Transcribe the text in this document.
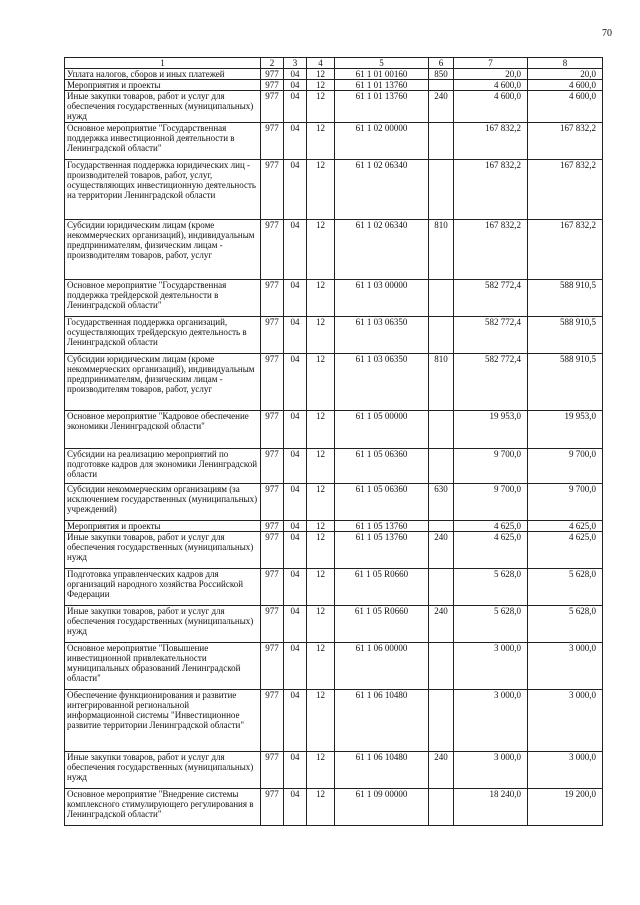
70
1	2	3	4	5	6	7	8
Уплата налогов, сборов и иных платежей	977	04	12	61 1 01 00160	850	20,0	20,0
Мероприятия и проекты	977	04	12	61 1 01 13760		4 600,0	4 600,0
Иные закупки товаров, работ и услуг для обеспечения государственных (муниципальных) нужд	977	04	12	61 1 01 13760	240	4 600,0	4 600,0
Основное мероприятие "Государственная поддержка инвестиционной деятельности в Ленинградской области"	977	04	12	61 1 02 00000		167 832,2	167 832,2
Государственная поддержка юридических лиц - производителей товаров, работ, услуг, осуществляющих инвестиционную деятельность на территории Ленинградской области	977	04	12	61 1 02 06340		167 832,2	167 832,2
Субсидии юридическим лицам (кроме некоммерческих организаций), индивидуальным предпринимателям, физическим лицам - производителям товаров, работ, услуг	977	04	12	61 1 02 06340	810	167 832,2	167 832,2
Основное мероприятие "Государственная поддержка трейдерской деятельности в Ленинградской области"	977	04	12	61 1 03 00000		582 772,4	588 910,5
Государственная поддержка организаций, осуществляющих трейдерскую деятельность в Ленинградской области	977	04	12	61 1 03 06350		582 772,4	588 910,5
Субсидии юридическим лицам (кроме некоммерческих организаций), индивидуальным предпринимателям, физическим лицам - производителям товаров, работ, услуг	977	04	12	61 1 03 06350	810	582 772,4	588 910,5
Основное мероприятие "Кадровое обеспечение экономики Ленинградской области"	977	04	12	61 1 05 00000		19 953,0	19 953,0
Субсидии на реализацию мероприятий по подготовке кадров для экономики Ленинградской области	977	04	12	61 1 05 06360		9 700,0	9 700,0
Субсидии некоммерческим организациям (за исключением государственных (муниципальных) учреждений)	977	04	12	61 1 05 06360	630	9 700,0	9 700,0
Мероприятия и проекты	977	04	12	61 1 05 13760		4 625,0	4 625,0
Иные закупки товаров, работ и услуг для обеспечения государственных (муниципальных) нужд	977	04	12	61 1 05 13760	240	4 625,0	4 625,0
Подготовка управленческих кадров для организаций народного хозяйства Российской Федерации	977	04	12	61 1 05 R0660		5 628,0	5 628,0
Иные закупки товаров, работ и услуг для обеспечения государственных (муниципальных) нужд	977	04	12	61 1 05 R0660	240	5 628,0	5 628,0
Основное мероприятие "Повышение инвестиционной привлекательности муниципальных образований Ленинградской области"	977	04	12	61 1 06 00000		3 000,0	3 000,0
Обеспечение функционирования и развитие интегрированной региональной информационной системы "Инвестиционное развитие территории Ленинградской области"	977	04	12	61 1 06 10480		3 000,0	3 000,0
Иные закупки товаров, работ и услуг для обеспечения государственных (муниципальных) нужд	977	04	12	61 1 06 10480	240	3 000,0	3 000,0
Основное мероприятие "Внедрение системы комплексного стимулирующего регулирования в Ленинградской области"	977	04	12	61 1 09 00000		18 240,0	19 200,0
